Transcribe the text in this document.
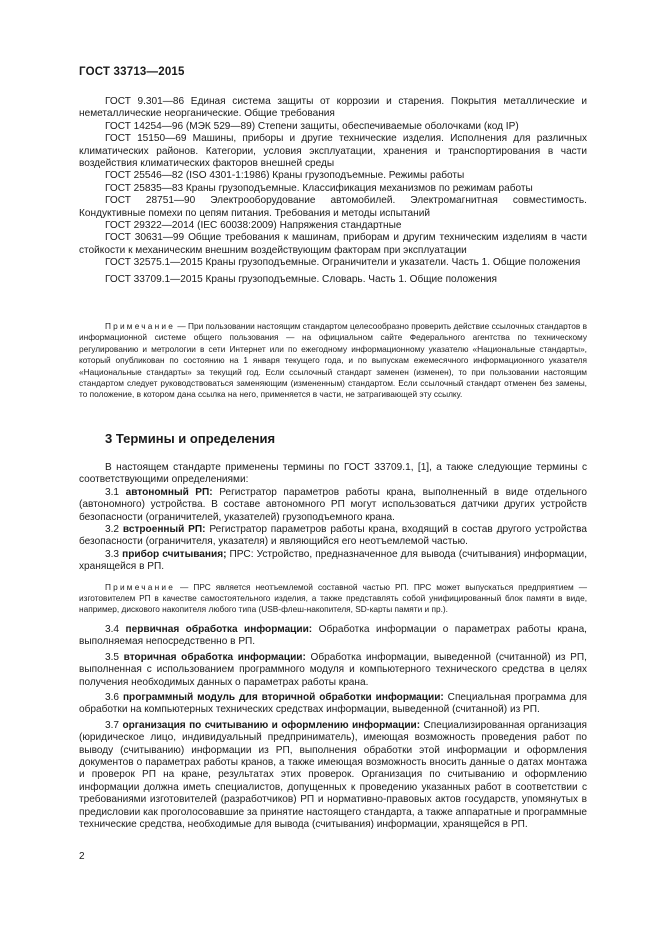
ГОСТ 33713—2015

ГОСТ 9.301—86 Единая система защиты от коррозии и старения. Покрытия металлические и неметаллические неорганические. Общие требования

ГОСТ 14254—96 (МЭК 529—89) Степени защиты, обеспечиваемые оболочками (код IP)

ГОСТ 15150—69 Машины, приборы и другие технические изделия. Исполнения для различных климатических районов. Категории, условия эксплуатации, хранения и транспортирования в части воздействия климатических факторов внешней среды

ГОСТ 25546—82 (ISO 4301-1:1986) Краны грузоподъемные. Режимы работы

ГОСТ 25835—83 Краны грузоподъемные. Классификация механизмов по режимам работы

ГОСТ 28751—90 Электрооборудование автомобилей. Электромагнитная совместимость. Кондуктивные помехи по цепям питания. Требования и методы испытаний

ГОСТ 29322—2014 (IEC 60038:2009) Напряжения стандартные

ГОСТ 30631—99 Общие требования к машинам, приборам и другим техническим изделиям в части стойкости к механическим внешним воздействующим факторам при эксплуатации

ГОСТ 32575.1—2015 Краны грузоподъемные. Ограничители и указатели. Часть 1. Общие положения

ГОСТ 33709.1—2015 Краны грузоподъемные. Словарь. Часть 1. Общие положения

Примечание — При пользовании настоящим стандартом целесообразно проверить действие ссылочных стандартов в информационной системе общего пользования — на официальном сайте Федерального агентства по техническому регулированию и метрологии в сети Интернет или по ежегодному информационному указателю «Национальные стандарты», который опубликован по состоянию на 1 января текущего года, и по выпускам ежемесячного информационного указателя «Национальные стандарты» за текущий год. Если ссылочный стандарт заменен (изменен), то при пользовании настоящим стандартом следует руководствоваться заменяющим (измененным) стандартом. Если ссылочный стандарт отменен без замены, то положение, в котором дана ссылка на него, применяется в части, не затрагивающей эту ссылку.

3 Термины и определения

В настоящем стандарте применены термины по ГОСТ 33709.1, [1], а также следующие термины с соответствующими определениями:

3.1 автономный РП: Регистратор параметров работы крана, выполненный в виде отдельного (автономного) устройства. В составе автономного РП могут использоваться датчики других устройств безопасности (ограничителей, указателей) грузоподъемного крана.

3.2 встроенный РП: Регистратор параметров работы крана, входящий в состав другого устройства безопасности (ограничителя, указателя) и являющийся его неотъемлемой частью.

3.3 прибор считывания; ПРС: Устройство, предназначенное для вывода (считывания) информации, хранящейся в РП.

Примечание — ПРС является неотъемлемой составной частью РП. ПРС может выпускаться предприятием — изготовителем РП в качестве самостоятельного изделия, а также представлять собой унифицированный блок памяти в виде, например, дискового накопителя любого типа (USB-флеш-накопителя, SD-карты памяти и пр.).

3.4 первичная обработка информации: Обработка информации о параметрах работы крана, выполняемая непосредственно в РП.

3.5 вторичная обработка информации: Обработка информации, выведенной (считанной) из РП, выполненная с использованием программного модуля и компьютерного технического средства в целях получения необходимых данных о параметрах работы крана.

3.6 программный модуль для вторичной обработки информации: Специальная программа для обработки на компьютерных технических средствах информации, выведенной (считанной) из РП.

3.7 организация по считыванию и оформлению информации: Специализированная организация (юридическое лицо, индивидуальный предприниматель), имеющая возможность проведения работ по выводу (считыванию) информации из РП, выполнения обработки этой информации и оформления документов о параметрах работы кранов, а также имеющая возможность вносить данные о датах монтажа и проверок РП на кране, результатах этих проверок. Организация по считыванию и оформлению информации должна иметь специалистов, допущенных к проведению указанных работ в соответствии с требованиями изготовителей (разработчиков) РП и нормативно-правовых актов государств, упомянутых в предисловии как проголосовавшие за принятие настоящего стандарта, а также аппаратные и программные технические средства, необходимые для вывода (считывания) информации, хранящейся в РП.

2
